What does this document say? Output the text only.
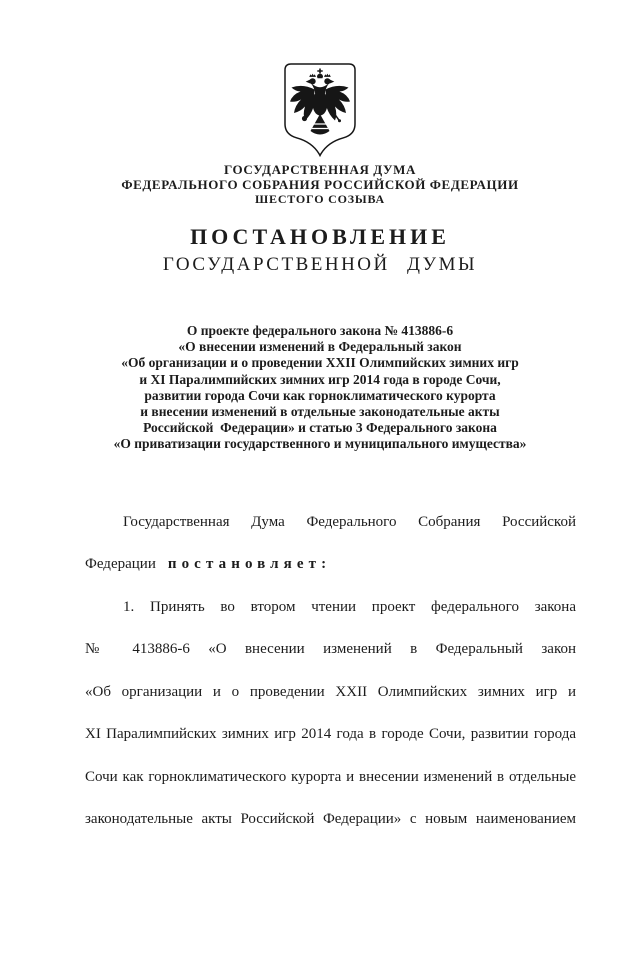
ГОСУДАРСТВЕННАЯ ДУМА
ФЕДЕРАЛЬНОГО СОБРАНИЯ РОССИЙСКОЙ ФЕДЕРАЦИИ
ШЕСТОГО СОЗЫВА
ПОСТАНОВЛЕНИЕ
ГОСУДАРСТВЕННОЙ ДУМЫ
О проекте федерального закона № 413886-6
«О внесении изменений в Федеральный закон
«Об организации и о проведении XXII Олимпийских зимних игр
и XI Паралимпийских зимних игр 2014 года в городе Сочи,
развитии города Сочи как горноклиматического курорта
и внесении изменений в отдельные законодательные акты
Российской  Федерации» и статью 3 Федерального закона
«О приватизации государственного и муниципального имущества»
Государственная Дума Федерального Собрания Российской
Федерации постановляет:
1. Принять во втором чтении проект федерального закона
№ 413886-6 «О внесении изменений в Федеральный закон
«Об организации и о проведении XXII Олимпийских зимних игр и
XI Паралимпийских зимних игр 2014 года в городе Сочи, развитии города
Сочи как горноклиматического курорта и внесении изменений в отдельные
законодательные акты Российской Федерации» с новым наименованием
